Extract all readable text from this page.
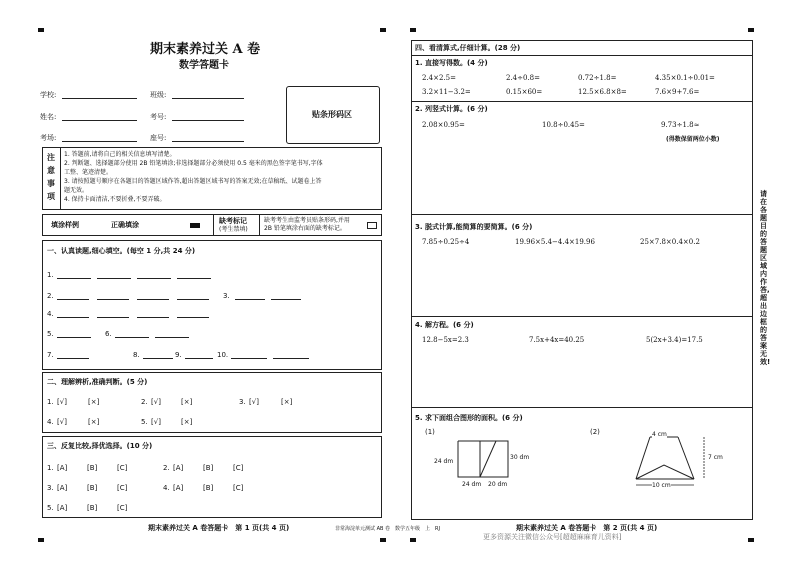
期末素养过关 A 卷
数学答题卡
学校:	班级:
姓名:	考号:
考场:	座号:
贴条形码区
注
意
事
项
1. 答题前,请将自己的相关信息填写清楚。
2. 判断题、选择题部分使用 2B 铅笔填涂;非选择题部分必须使用 0.5 毫米的黑色签字笔书写,字体
工整、笔迹清楚。
3. 请按照题号顺序在各题目的答题区域作答,超出答题区域书写的答案无效;在草稿纸、试题卷上答
题无效。
4. 保持卡面清洁,不要折叠,不要弄破。
填涂样例	正确填涂	缺考标记
(考生禁填)
缺考考生由监考员贴条形码,并用
2B 铅笔填涂右面的缺考标记。
一、认真读题,细心填空。(每空 1 分,共 24 分)
1.
2.	3.
4.
5.	6.
7.	8.	9.	10.
二、理解辨析,准确判断。(5 分)
1. [√]	[×]	2. [√]	[×]	3. [√]	[×]
4. [√]	[×]	5. [√]	[×]
三、反复比较,择优选择。(10 分)
1. [A]	[B]	[C]	2. [A]	[B]	[C]
3. [A]	[B]	[C]	4. [A]	[B]	[C]
5. [A]	[B]	[C]
期末素养过关 A 卷答题卡　第 1 页(共 4 页)	非常海淀单元测试 AB 卷　数学五年级　上　RJ
四、看清算式,仔细计算。(28 分)
1. 直接写得数。(4 分)
2.4×2.5=	2.4÷0.8=	0.72÷1.8=	4.35×0.1÷0.01=
3.2×11−3.2=	0.15×60=	12.5×6.8×8=	7.6×9+7.6=
2. 列竖式计算。(6 分)
2.08×0.95=	10.8÷0.45=	9.73÷1.8≈
(得数保留两位小数)
3. 脱式计算,能简算的要简算。(6 分)
7.85÷0.25÷4	19.96×5.4−4.4×19.96	25×7.8×0.4×0.2
4. 解方程。(6 分)
12.8−5x=2.3	7.5x+4x=40.25	5(2x+3.4)=17.5
5. 求下面组合图形的面积。(6 分)
(1)	(2)
24 dm
30 dm
24 dm 20 dm
4 cm
7 cm
10 cm
期末素养过关 A 卷答题卡　第 2 页(共 4 页)
更多资源关注微信公众号[超超麻麻育儿资料]
请在各题目的答题区域内作答,超出边框的答案无效!
